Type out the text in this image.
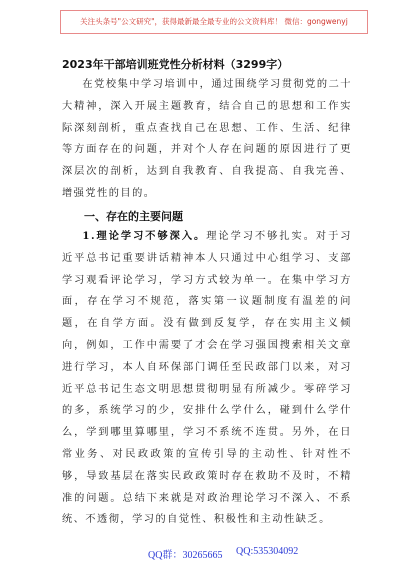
关注头条号"公文研究"，获得最新最全最专业的公文资料库！ 微信：gongwenyj
2023年干部培训班党性分析材料（3299字）
在党校集中学习培训中，通过围绕学习贯彻党的二十大精神，深入开展主题教育，结合自己的思想和工作实际深刻剖析，重点查找自己在思想、工作、生活、纪律等方面存在的问题，并对个人存在问题的原因进行了更深层次的剖析，达到自我教育、自我提高、自我完善、增强党性的目的。
一、存在的主要问题
1.理论学习不够深入。理论学习不够扎实。对于习近平总书记重要讲话精神本人只通过中心组学习、支部学习观看评论学习，学习方式较为单一。在集中学习方面，存在学习不规范，落实第一议题制度有温差的问题，在自学方面。没有做到反复学，存在实用主义倾向，例如，工作中需要了才会在学习强国搜索相关文章进行学习，本人自环保部门调任至民政部门以来，对习近平总书记生态文明思想贯彻明显有所减少。零碎学习的多，系统学习的少，安排什么学什么，碰到什么学什么，学到哪里算哪里，学习不系统不连贯。另外，在日常业务、对民政政策的宣传引导的主动性、针对性不够，导致基层在落实民政政策时存在救助不及时，不精准的问题。总结下来就是对政治理论学习不深入、不系统、不透彻，学习的自觉性、积极性和主动性缺乏。
QQ群：30265665 QQ:535304092
